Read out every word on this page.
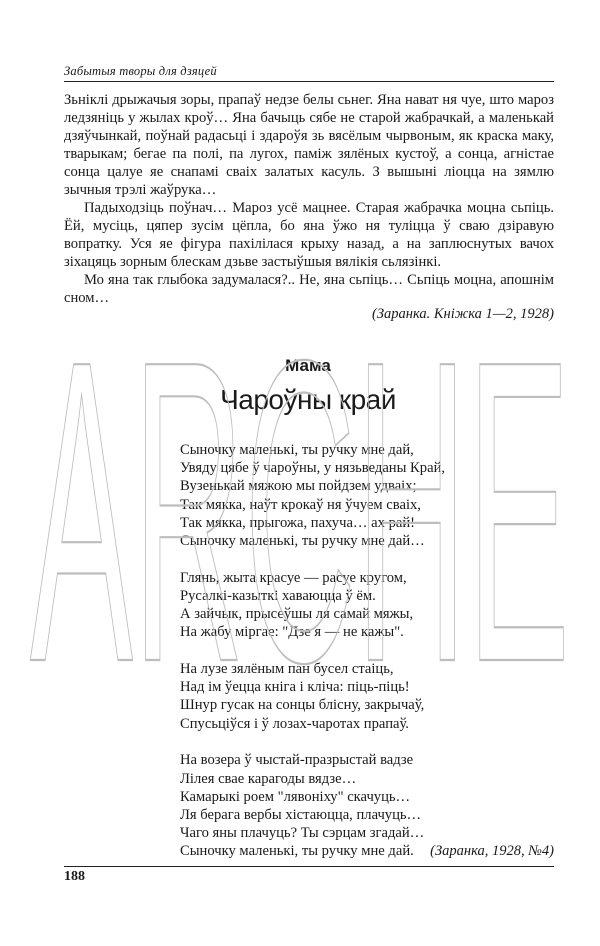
Забытыя творы для дзяцей

Зьніклі дрыжачыя зоры, прапаў недзе белы сьнег. Яна нават ня чуе, што мароз ледзяніць у жылах крoў… Яна бачыць сябе не старой жабрачкай, а маленькай дзяўчынкай, поўнай радасьці і здароўя зь вясёлым чырвоным, як краска маку, тварыкам; бегае па полі, па лугох, паміж зялёных кустоў, а сонца, агністае сонца цалуе яе снапамі сваіх залатых касуль. З вышыні ліоцца на зямлю зычныя трэлі жаўрука…

Падыходзіць поўнач… Мароз усё мацнее. Старая жабрачка моцна сьпіць. Ёй, мусіць, цяпер зусім цёпла, бо яна ўжо ня туліцца ў сваю дзіравую вопратку. Уся яе фігура пахілілася крыху назад, а на заплюснутых вачох зіхацяць зорным блескам дзьве застыўшыя вялікія сьлязінкі.

Мо яна так глыбока задумалася?.. Не, яна сьпіць… Сьпіць моцна, апошнім сном…

(Зaранка. Кніжка 1—2, 1928)
Мама
Чароўны край
Сыночку маленькі, ты ручку мне дай,
Увяду цябе ў чароўны, у нязьведаны Край,
Вузенькай мяжою мы пойдзем удваіх;
Так мякка, наўт крокаў ня ўчуем сваіх,
Так мякка, прыгожа, пахуча… ах рай!
Сыночку маленькі, ты ручку мне дай…
Глянь, жыта красуе — расуе кругом,
Русалкі-казыткі хаваюцца ў ём.
А зайчык, прысеўшы ля самай мяжы,
На жабу міргае: "Дзе я — не кажы".
На лузе зялёным пан бусел стаіць,
Над ім ўецца кнігa і кліча: піць-піць!
Шнур гусак на сонцы блісну, закрычаў,
Спусьціўся і ў лозах-чаротах прапаў.
На возера ў чыстай-празрыстай вадзе
Лілея свае карагоды вядзе…
Камарыкі роем "лявоніху" скачуць…
Ля берага вербы хістаюцца, плачуць…
Чаго яны плачуць? Ты сэрцам згадай…
Сыночку маленькі, ты ручку мне дай.	(Заранка, 1928, №4)
188
ARCHE
